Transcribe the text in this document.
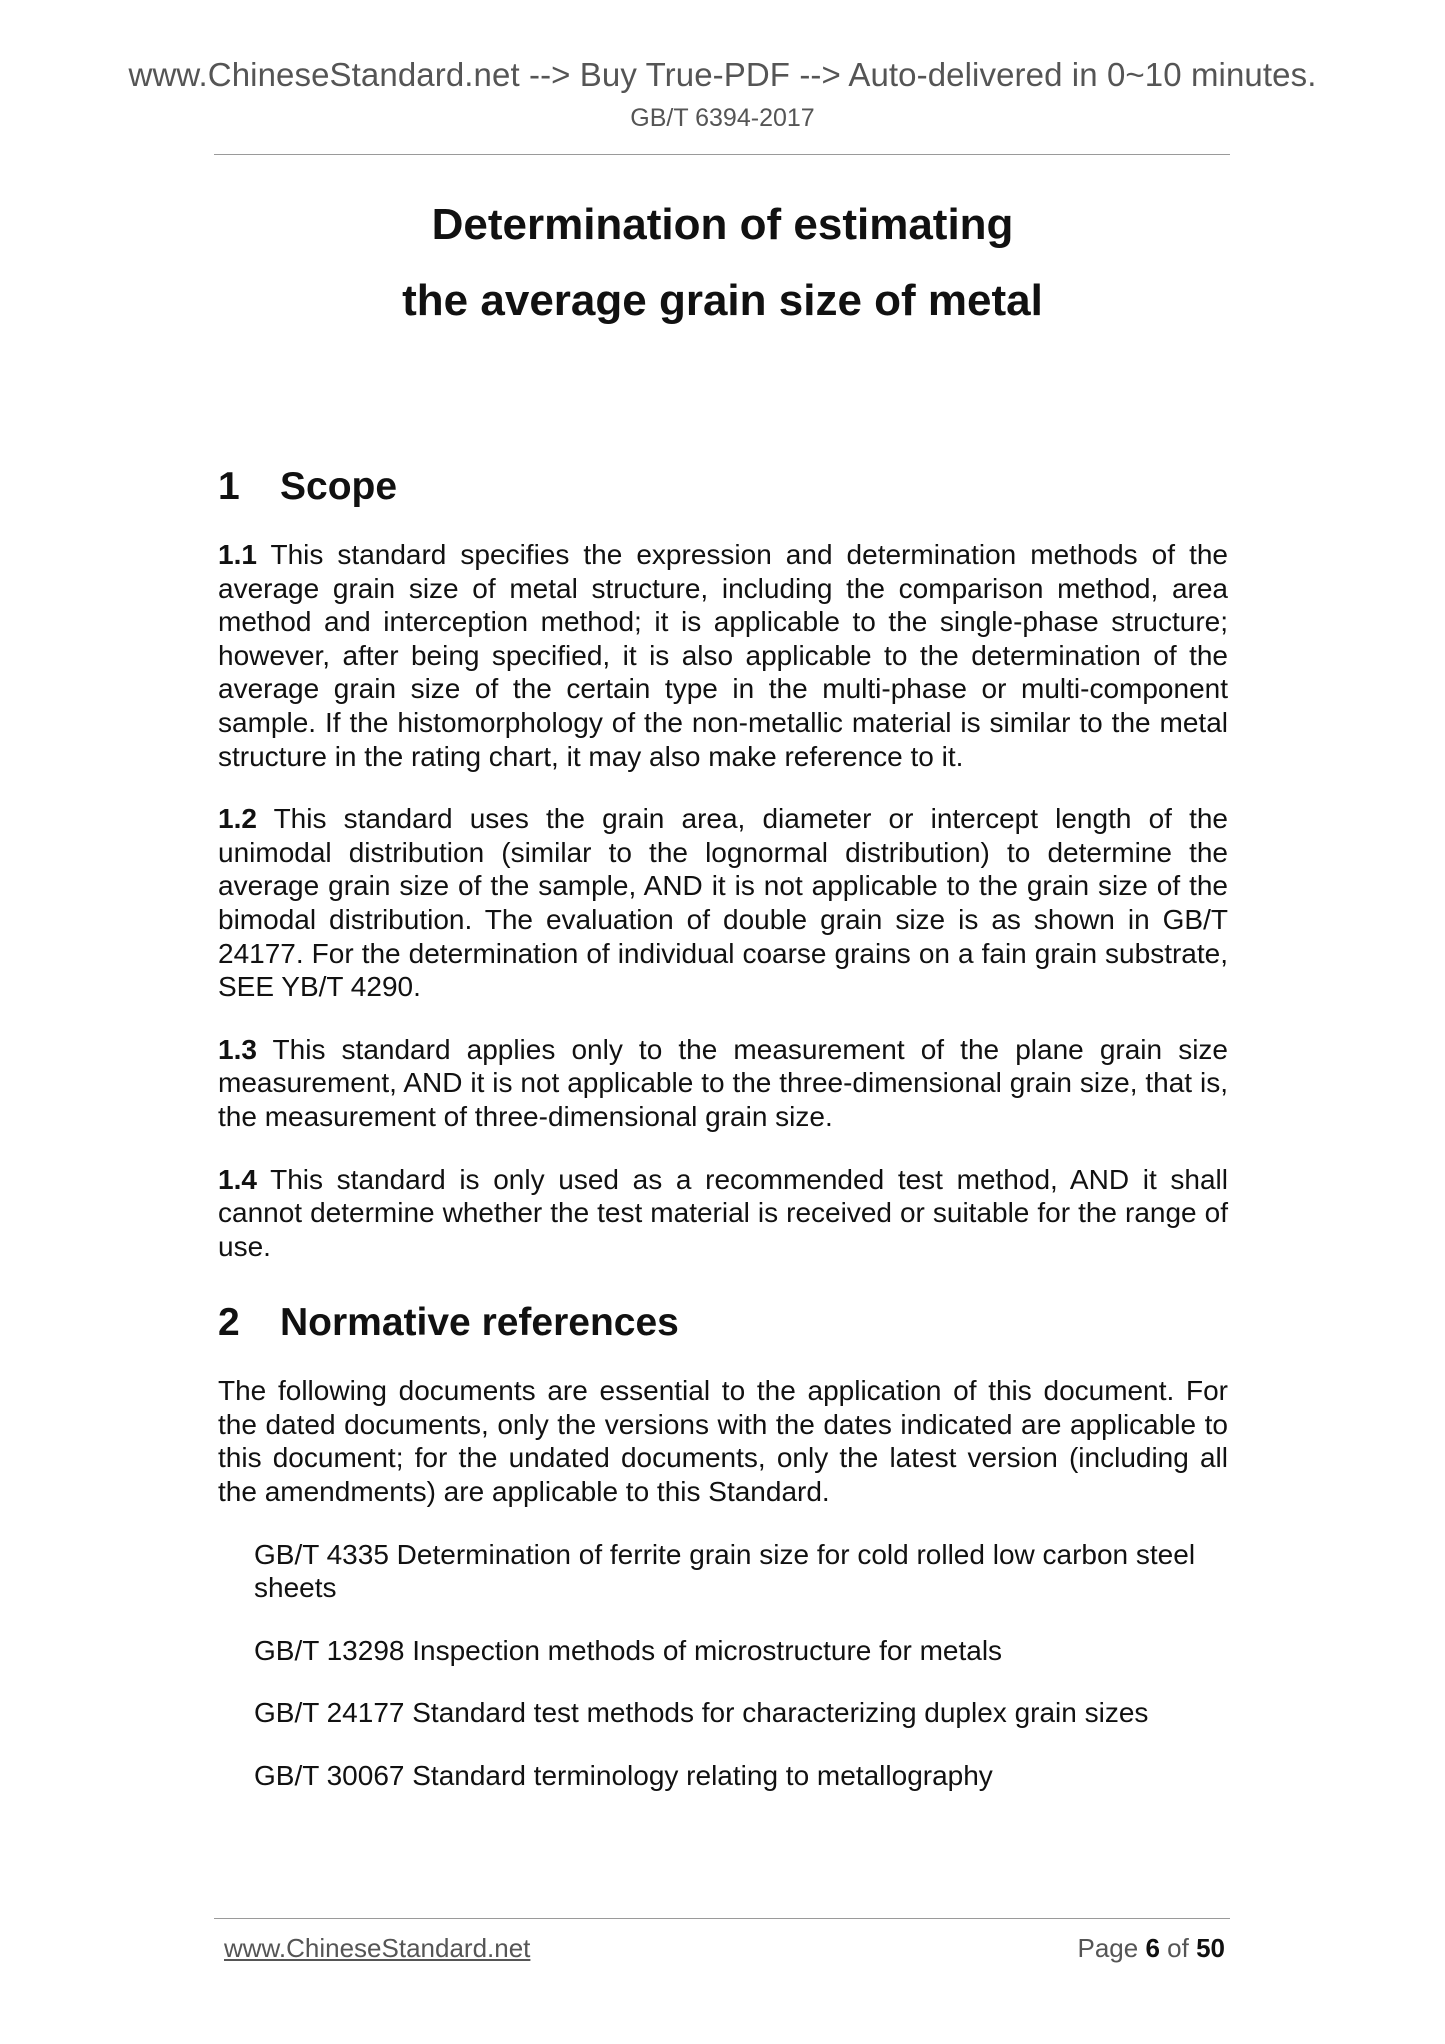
www.ChineseStandard.net --> Buy True-PDF --> Auto-delivered in 0~10 minutes.
GB/T 6394-2017
Determination of estimating
the average grain size of metal
1	Scope

1.1 This standard specifies the expression and determination methods of the average grain size of metal structure, including the comparison method, area method and interception method; it is applicable to the single-phase structure; however, after being specified, it is also applicable to the determination of the average grain size of the certain type in the multi-phase or multi-component sample. If the histomorphology of the non-metallic material is similar to the metal structure in the rating chart, it may also make reference to it.

1.2 This standard uses the grain area, diameter or intercept length of the unimodal distribution (similar to the lognormal distribution) to determine the average grain size of the sample, AND it is not applicable to the grain size of the bimodal distribution. The evaluation of double grain size is as shown in GB/T 24177. For the determination of individual coarse grains on a fain grain substrate, SEE YB/T 4290.

1.3 This standard applies only to the measurement of the plane grain size measurement, AND it is not applicable to the three-dimensional grain size, that is, the measurement of three-dimensional grain size.

1.4 This standard is only used as a recommended test method, AND it shall cannot determine whether the test material is received or suitable for the range of use.

2	Normative references

The following documents are essential to the application of this document. For the dated documents, only the versions with the dates indicated are applicable to this document; for the undated documents, only the latest version (including all the amendments) are applicable to this Standard.

GB/T 4335 Determination of ferrite grain size for cold rolled low carbon steel sheets

GB/T 13298 Inspection methods of microstructure for metals

GB/T 24177 Standard test methods for characterizing duplex grain sizes

GB/T 30067 Standard terminology relating to metallography

www.ChineseStandard.net	Page 6 of 50
